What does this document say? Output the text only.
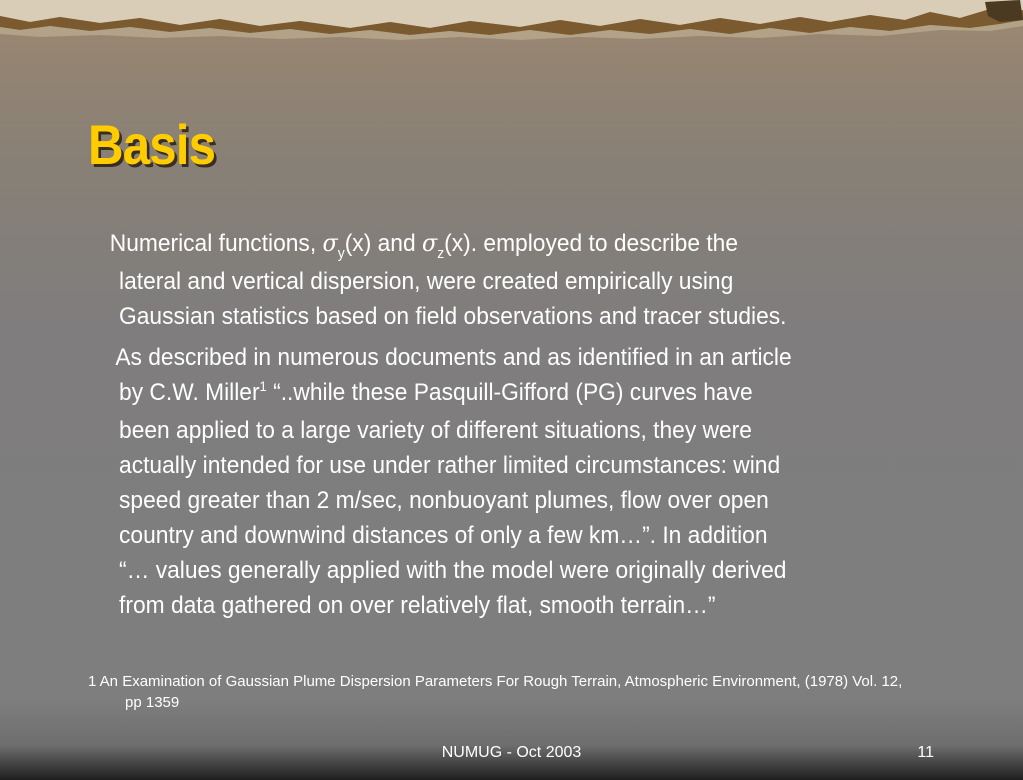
Basis

Numerical functions, $\sigma_y(x)$ and $\sigma_z(x)$. employed to describe the
lateral and vertical dispersion, were created empirically using
Gaussian statistics based on field observations and tracer studies.

As described in numerous documents and as identified in an article
by C.W. Miller$^1$ “..while these Pasquill-Gifford (PG) curves have
been applied to a large variety of different situations, they were
actually intended for use under rather limited circumstances: wind
speed greater than 2 m/sec, nonbuoyant plumes, flow over open
country and downwind distances of only a few km…”. In addition
“… values generally applied with the model were originally derived
from data gathered on over relatively flat, smooth terrain…”

1 An Examination of Gaussian Plume Dispersion Parameters For Rough Terrain, Atmospheric Environment, (1978) Vol. 12,
pp 1359
NUMUG - Oct 2003	11
